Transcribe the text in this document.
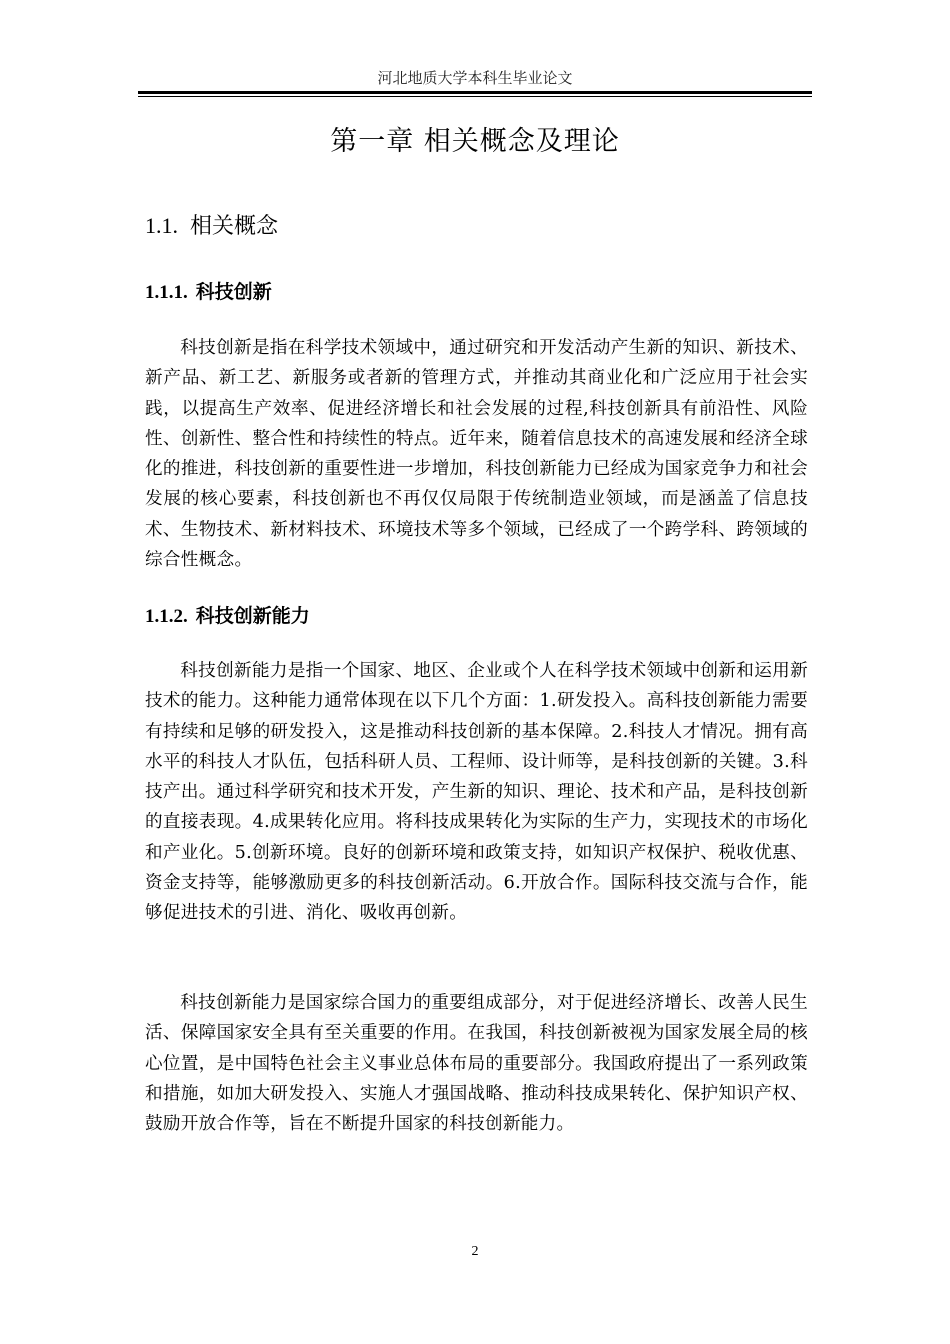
河北地质大学本科生毕业论文
第一章 相关概念及理论
1.1. 相关概念
1.1.1. 科技创新

科技创新是指在科学技术领域中，通过研究和开发活动产生新的知识、新技术、新产品、新工艺、新服务或者新的管理方式，并推动其商业化和广泛应用于社会实践，以提高生产效率、促进经济增长和社会发展的过程,科技创新具有前沿性、风险性、创新性、整合性和持续性的特点。近年来，随着信息技术的高速发展和经济全球化的推进，科技创新的重要性进一步增加，科技创新能力已经成为国家竞争力和社会发展的核心要素，科技创新也不再仅仅局限于传统制造业领域，而是涵盖了信息技术、生物技术、新材料技术、环境技术等多个领域，已经成了一个跨学科、跨领域的综合性概念。

1.1.2. 科技创新能力

科技创新能力是指一个国家、地区、企业或个人在科学技术领域中创新和运用新技术的能力。这种能力通常体现在以下几个方面：1.研发投入。高科技创新能力需要有持续和足够的研发投入，这是推动科技创新的基本保障。2.科技人才情况。拥有高水平的科技人才队伍，包括科研人员、工程师、设计师等，是科技创新的关键。3.科技产出。通过科学研究和技术开发，产生新的知识、理论、技术和产品，是科技创新的直接表现。4.成果转化应用。将科技成果转化为实际的生产力，实现技术的市场化和产业化。5.创新环境。良好的创新环境和政策支持，如知识产权保护、税收优惠、资金支持等，能够激励更多的科技创新活动。6.开放合作。国际科技交流与合作，能够促进技术的引进、消化、吸收再创新。

科技创新能力是国家综合国力的重要组成部分，对于促进经济增长、改善人民生活、保障国家安全具有至关重要的作用。在我国，科技创新被视为国家发展全局的核心位置，是中国特色社会主义事业总体布局的重要部分。我国政府提出了一系列政策和措施，如加大研发投入、实施人才强国战略、推动科技成果转化、保护知识产权、鼓励开放合作等，旨在不断提升国家的科技创新能力。

2
